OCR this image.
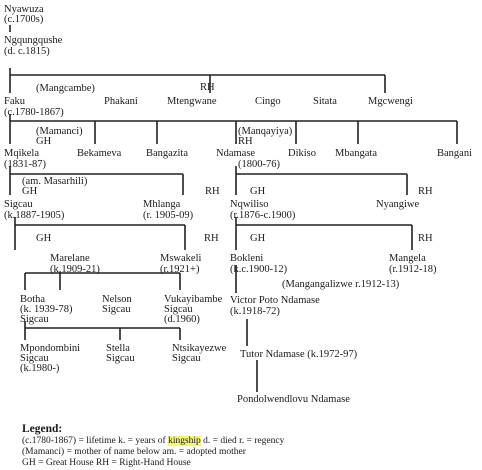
Nyawuza
(c.1700s)
Ngqungqushe
(d. c.1815)
(Mangcambe)	RH
Faku
(c.1780-1867)
Phakani	Mtengwane	Cingo	Sitata	Mgcwengi
(Mamanci)
GH
(Manqayiya)
RH
Mqikela
(1831-87)
Bekameva Bangazita	Ndamase
(1800-76)
Dikiso Mbangata	Bangani
(am. Masarhili)
GH	RH	GH	RH
Sigcau
(k.1887-1905)
Mhlanga
(r. 1905-09)
Nqwiliso
(r.1876-c.1900)
Nyangiwe
GH	RH	GH	RH
Marelane
(k.1909-21)
Mswakeli
(r.1921+)
Bokleni
(k.c.1900-12)
Mangela
(r.1912-18)
(Mangangalizwe r.1912-13)
Botha
(k. 1939-78)
Sigcau
Nelson
Sigcau
Vukayibambe
Sigcau
(d.1960)
Victor Poto Ndamase
(k.1918-72)
Mpondombini
Sigcau
(k.1980-)
Stella
Sigcau
Ntsikayezwe
Sigcau	Tutor Ndamase (k.1972-97)
Pondolwendlovu Ndamase
Legend:
(c.1780-1867) = lifetime k. = years of kingship d. = died r. = regency
(Mamanci) = mother of name below am. = adopted mother
GH = Great House RH = Right-Hand House
